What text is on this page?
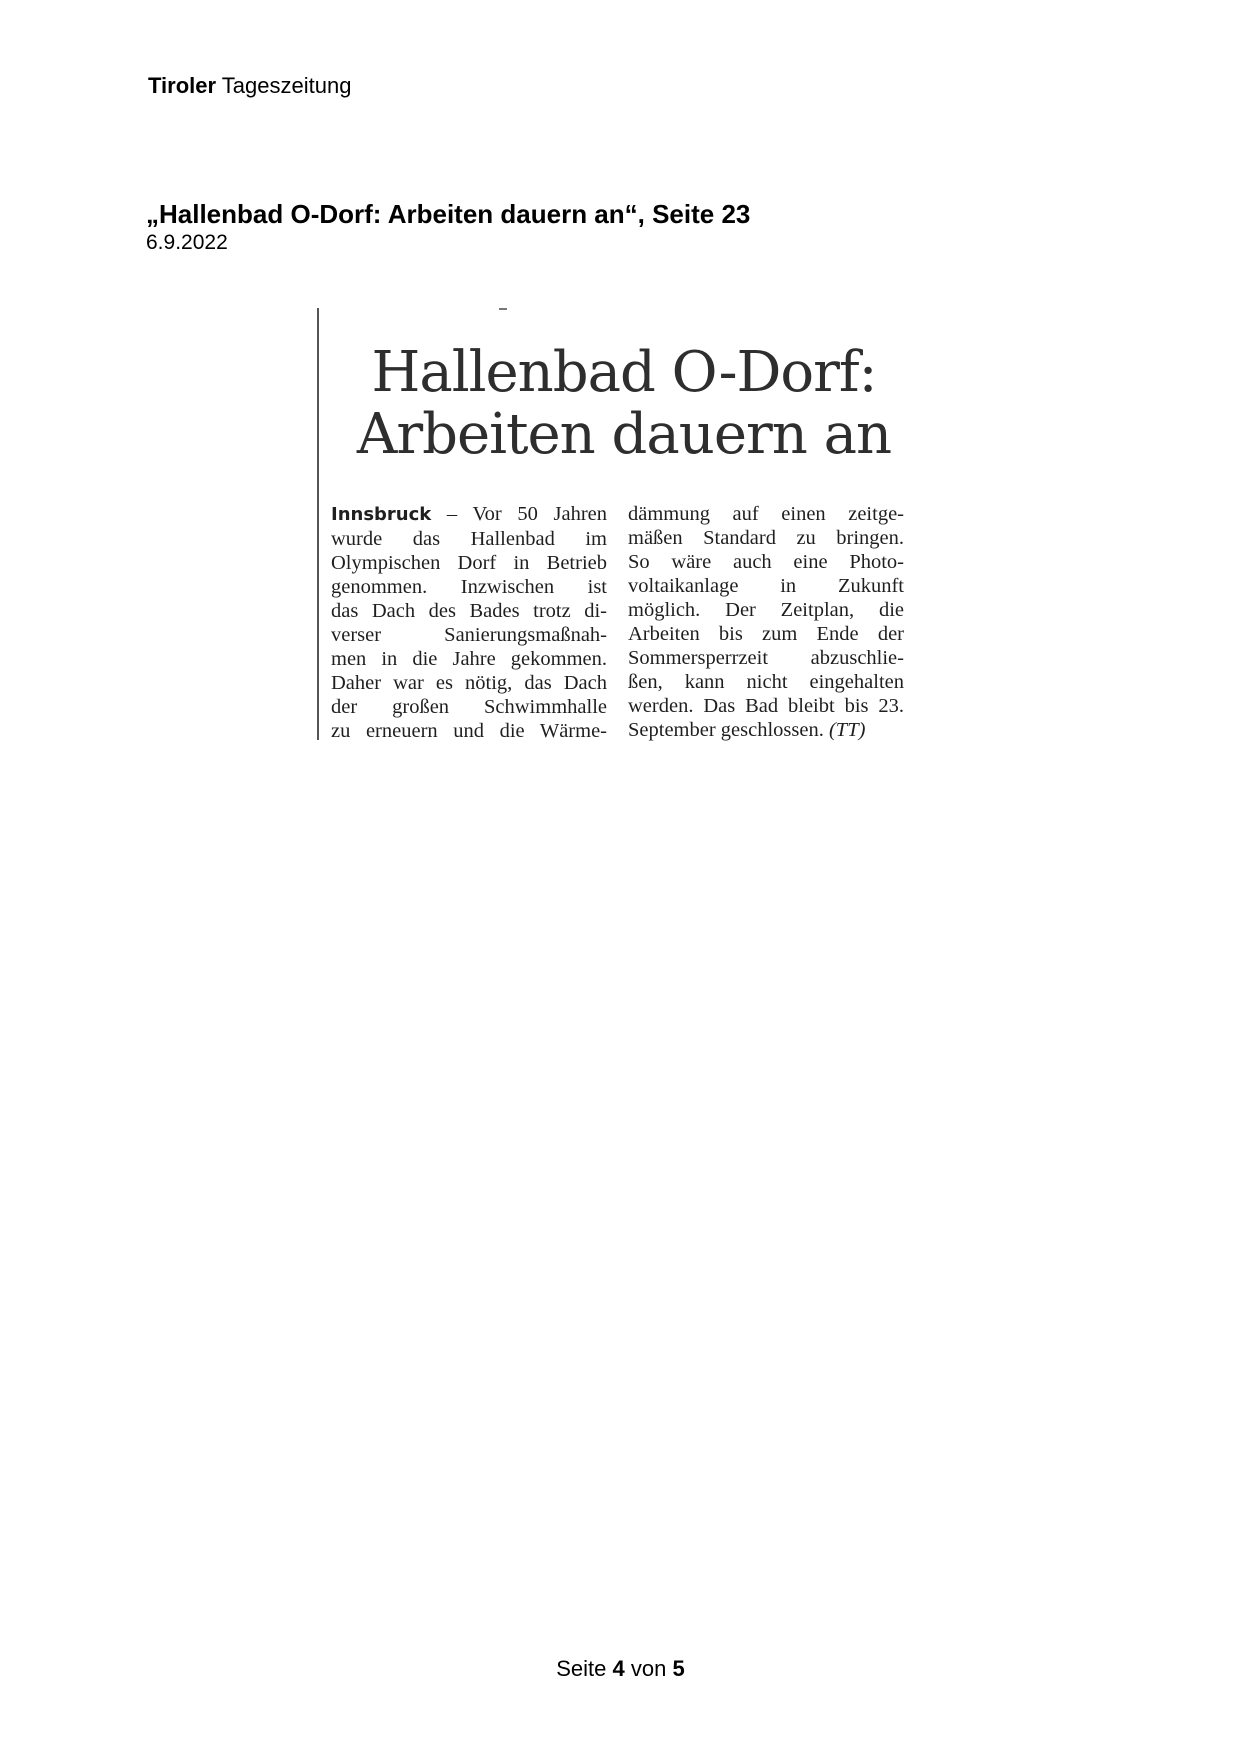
Tiroler Tageszeitung
„Hallenbad O-Dorf: Arbeiten dauern an“, Seite 23
6.9.2022
Hallenbad O-Dorf:
Arbeiten dauern an
Innsbruck – Vor 50 Jahren
wurde das Hallenbad im
Olympischen Dorf in Betrieb
genommen. Inzwischen ist
das Dach des Bades trotz di-
verser Sanierungsmaßnah-
men in die Jahre gekommen.
Daher war es nötig, das Dach
der großen Schwimmhalle
zu erneuern und die Wärme-
dämmung auf einen zeitge-
mäßen Standard zu bringen.
So wäre auch eine Photo-
voltaikanlage in Zukunft
möglich. Der Zeitplan, die
Arbeiten bis zum Ende der
Sommersperrzeit abzuschlie-
ßen, kann nicht eingehalten
werden. Das Bad bleibt bis 23.
September geschlossen. (TT)
Seite 4 von 5
